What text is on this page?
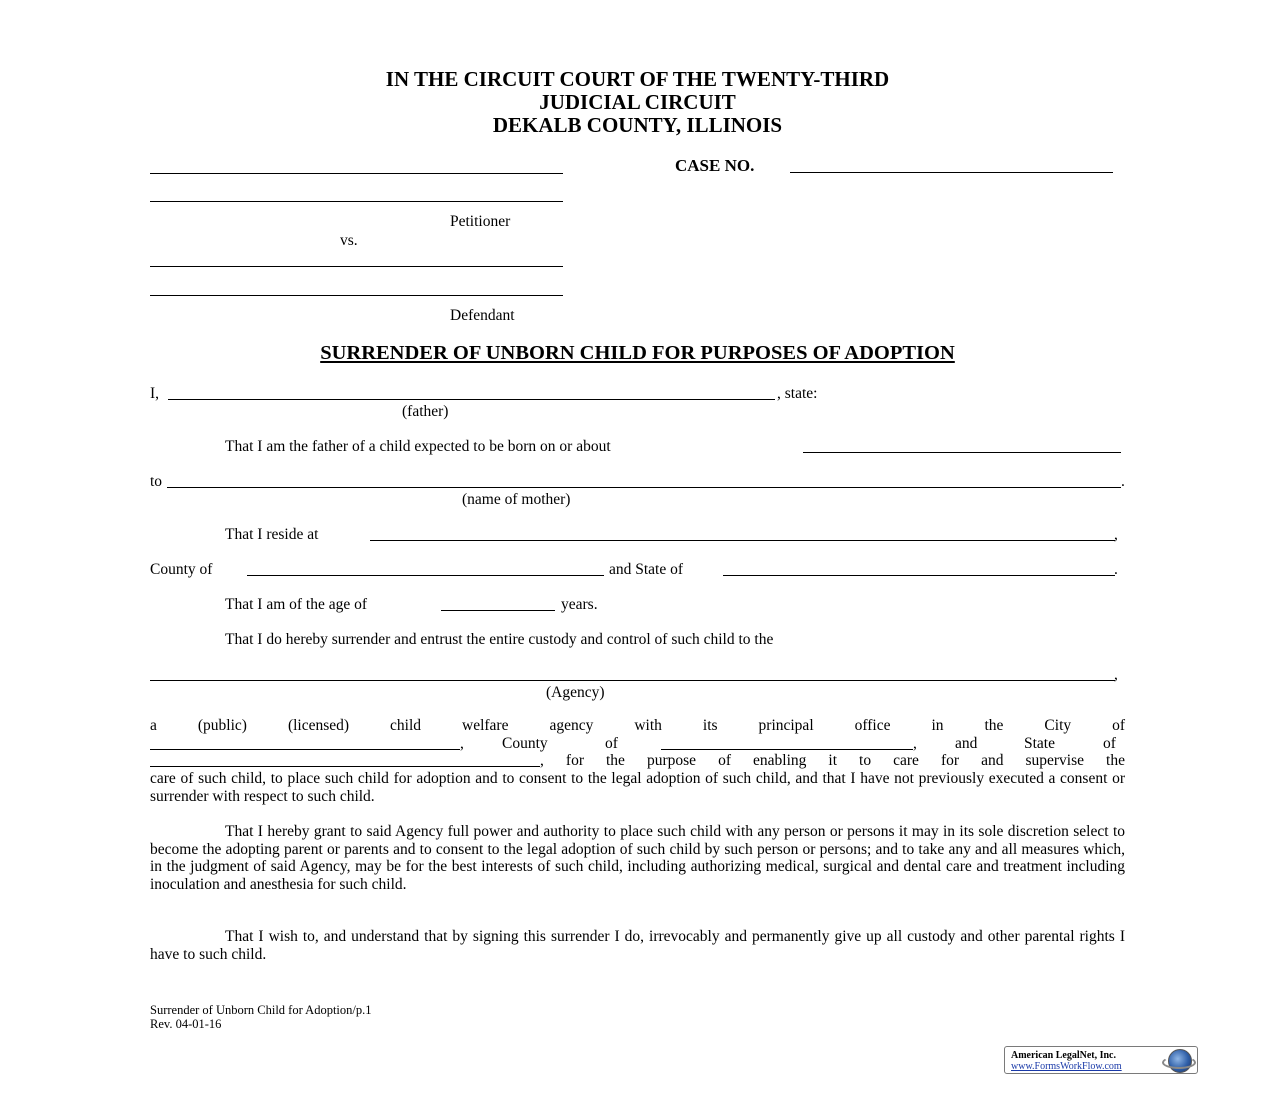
IN THE CIRCUIT COURT OF THE TWENTY-THIRD
JUDICIAL CIRCUIT
DEKALB COUNTY, ILLINOIS
Petitioner
vs.
Defendant
CASE NO.
SURRENDER OF UNBORN CHILD FOR PURPOSES OF ADOPTION
I,	, state:
(father)
That I am the father of a child expected to be born on or about
to	.
(name of mother)
That I reside at	,
County of	and State of	.
That I am of the age of	years.
That I do hereby surrender and entrust the entire custody and control of such child to the
,
(Agency)
a	(public)	(licensed)	child	welfare	agency	with	its	principal	office	in	the	City	of
, County	of	, and	State	of
, for the purpose of enabling it to care for and supervise the
care of such child, to place such child for adoption and to consent to the legal adoption of such child, and that I have not previously executed a consent or surrender with respect to such child.
That I hereby grant to said Agency full power and authority to place such child with any person or persons it may in its sole discretion select to become the adopting parent or parents and to consent to the legal adoption of such child by such person or persons; and to take any and all measures which, in the judgment of said Agency, may be for the best interests of such child, including authorizing medical, surgical and dental care and treatment including inoculation and anesthesia for such child.
That I wish to, and understand that by signing this surrender I do, irrevocably and permanently give up all custody and other parental rights I have to such child.
Surrender of Unborn Child for Adoption/p.1
Rev. 04-01-16
American LegalNet, Inc.
www.FormsWorkFlow.com
